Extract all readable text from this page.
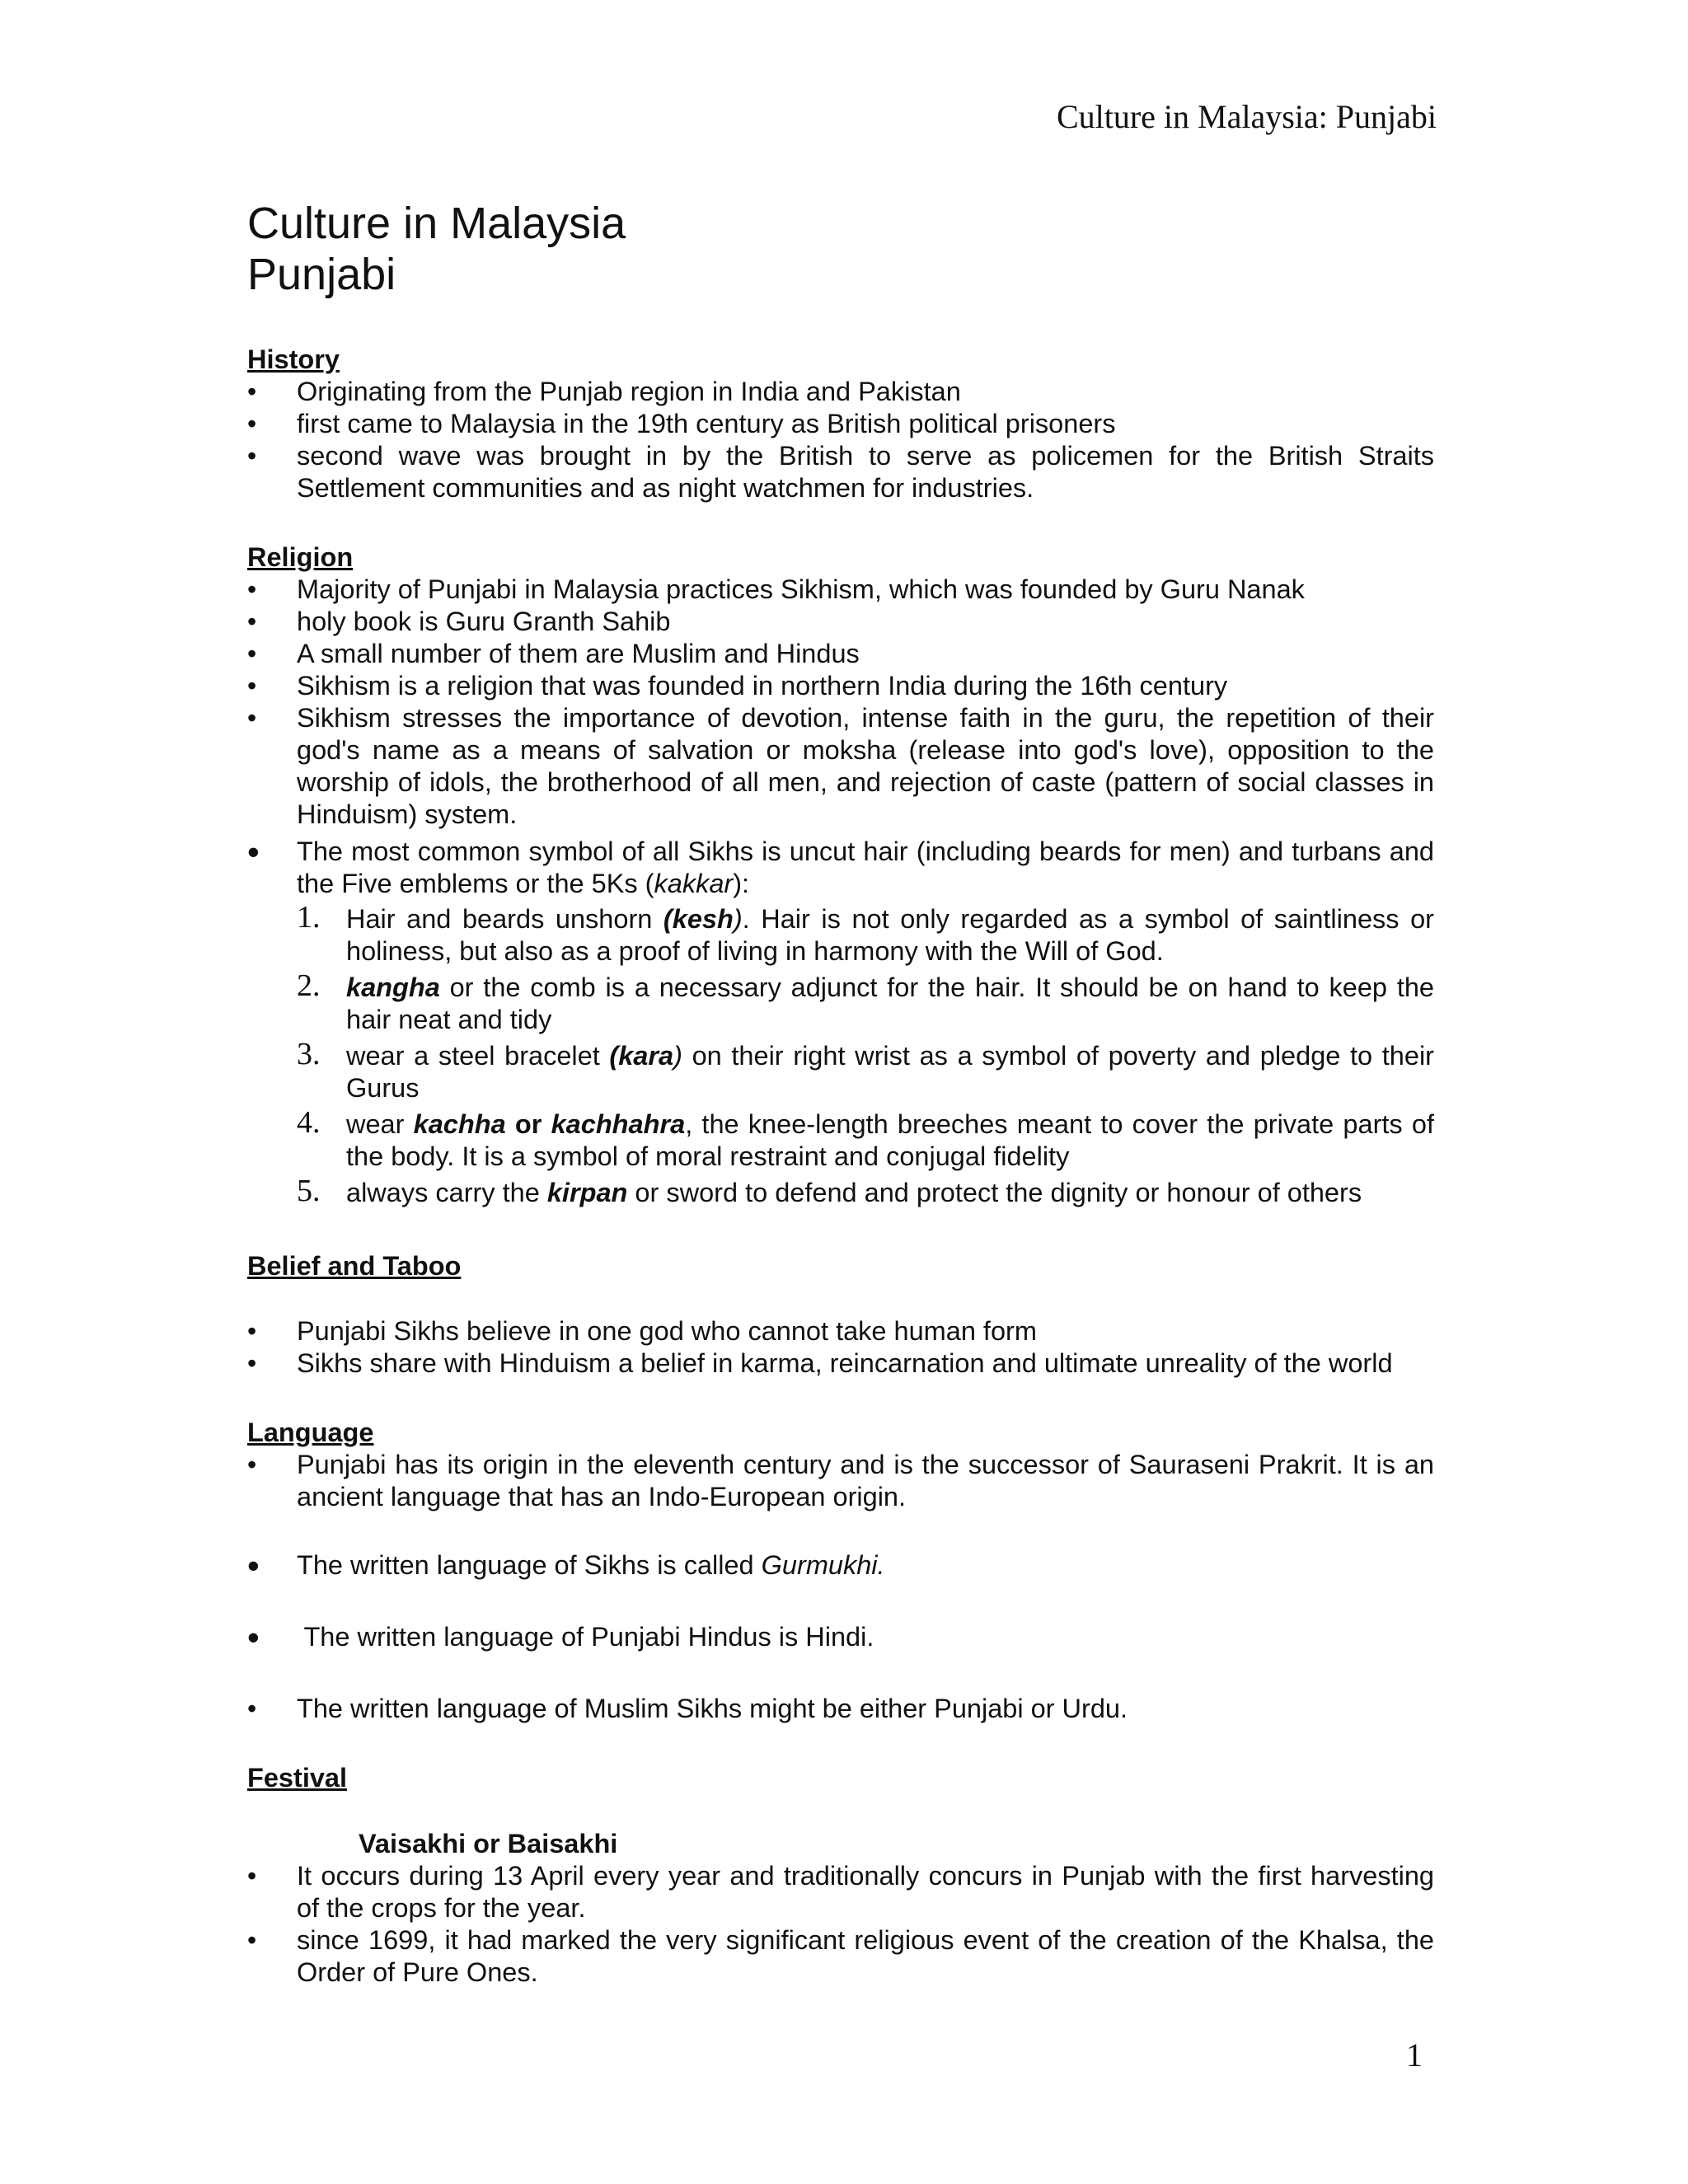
Culture in Malaysia: Punjabi
Culture in Malaysia
Punjabi
History
• Originating from the Punjab region in India and Pakistan
• first came to Malaysia in the 19th century as British political prisoners
• second wave was brought in by the British to serve as policemen for the British Straits Settlement communities and as night watchmen for industries.
Religion
• Majority of Punjabi in Malaysia practices Sikhism, which was founded by Guru Nanak
• holy book is Guru Granth Sahib
• A small number of them are Muslim and Hindus
• Sikhism is a religion that was founded in northern India during the 16th century
• Sikhism stresses the importance of devotion, intense faith in the guru, the repetition of their god's name as a means of salvation or moksha (release into god's love), opposition to the worship of idols, the brotherhood of all men, and rejection of caste (pattern of social classes in Hinduism) system.
• The most common symbol of all Sikhs is uncut hair (including beards for men) and turbans and the Five emblems or the 5Ks (kakkar):
1. Hair and beards unshorn (kesh). Hair is not only regarded as a symbol of saintliness or holiness, but also as a proof of living in harmony with the Will of God.
2. kangha or the comb is a necessary adjunct for the hair. It should be on hand to keep the hair neat and tidy
3. wear a steel bracelet (kara) on their right wrist as a symbol of poverty and pledge to their Gurus
4. wear kachha or kachhahra, the knee-length breeches meant to cover the private parts of the body. It is a symbol of moral restraint and conjugal fidelity
5. always carry the kirpan or sword to defend and protect the dignity or honour of others
Belief and Taboo
• Punjabi Sikhs believe in one god who cannot take human form
• Sikhs share with Hinduism a belief in karma, reincarnation and ultimate unreality of the world
Language
• Punjabi has its origin in the eleventh century and is the successor of Sauraseni Prakrit. It is an ancient language that has an Indo-European origin.
• The written language of Sikhs is called Gurmukhi.
•  The written language of Punjabi Hindus is Hindi.
• The written language of Muslim Sikhs might be either Punjabi or Urdu.
Festival
Vaisakhi or Baisakhi
• It occurs during 13 April every year and traditionally concurs in Punjab with the first harvesting of the crops for the year.
• since 1699, it had marked the very significant religious event of the creation of the Khalsa, the Order of Pure Ones.
1
